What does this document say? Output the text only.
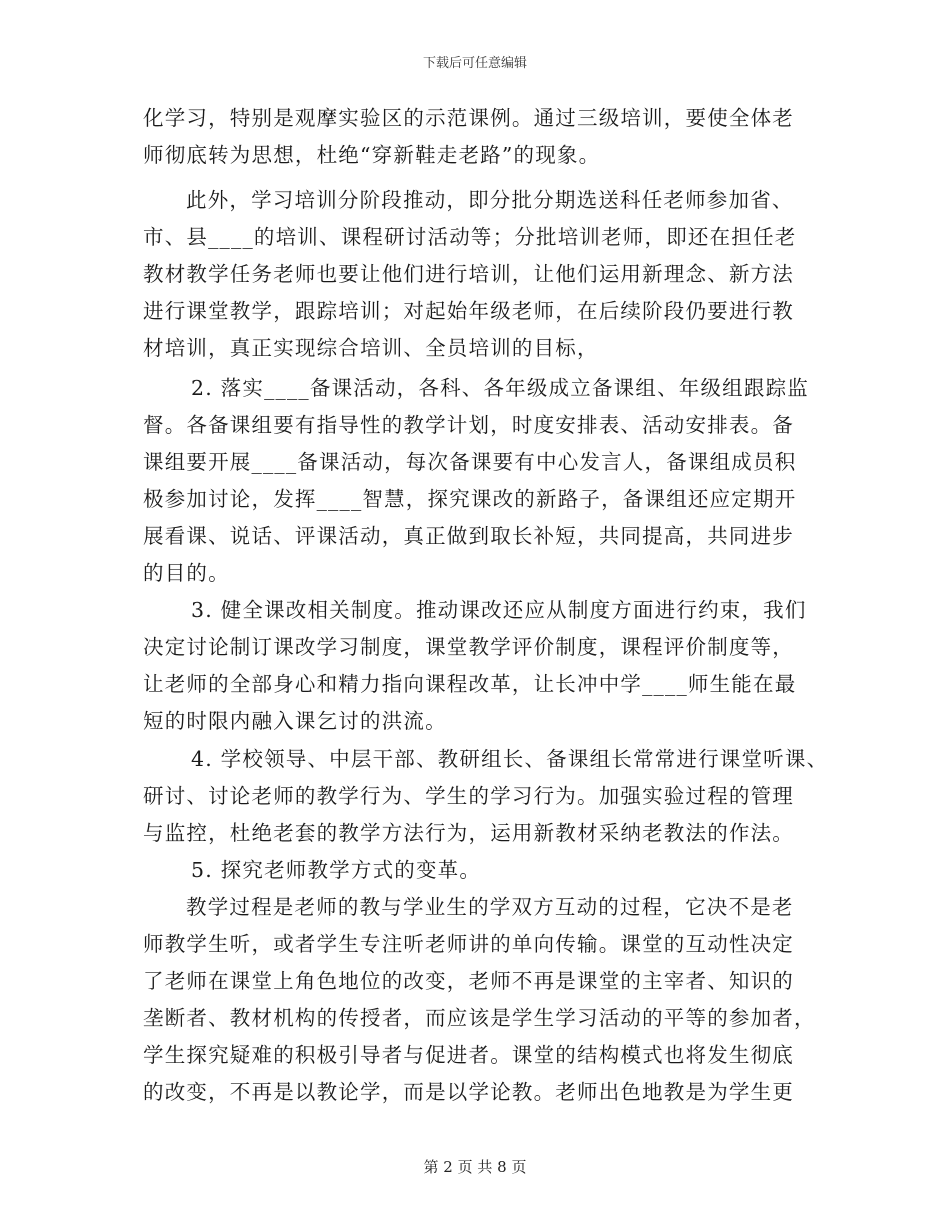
下载后可任意编辑
化学习，特别是观摩实验区的示范课例。通过三级培训，要使全体老
师彻底转为思想，杜绝“穿新鞋走老路”的现象。
此外，学习培训分阶段推动，即分批分期选送科任老师参加省、
市、县____的培训、课程研讨活动等；分批培训老师，即还在担任老
教材教学任务老师也要让他们进行培训，让他们运用新理念、新方法
进行课堂教学，跟踪培训；对起始年级老师，在后续阶段仍要进行教
材培训，真正实现综合培训、全员培训的目标，
2. 落实____备课活动，各科、各年级成立备课组、年级组跟踪监
督。各备课组要有指导性的教学计划，时度安排表、活动安排表。备
课组要开展____备课活动，每次备课要有中心发言人，备课组成员积
极参加讨论，发挥____智慧，探究课改的新路子，备课组还应定期开
展看课、说话、评课活动，真正做到取长补短，共同提高，共同进步
的目的。
3. 健全课改相关制度。推动课改还应从制度方面进行约束，我们
决定讨论制订课改学习制度，课堂教学评价制度，课程评价制度等，
让老师的全部身心和精力指向课程改革，让长冲中学____师生能在最
短的时限内融入课乞讨的洪流。
4. 学校领导、中层干部、教研组长、备课组长常常进行课堂听课、
研讨、讨论老师的教学行为、学生的学习行为。加强实验过程的管理
与监控，杜绝老套的教学方法行为，运用新教材采纳老教法的作法。
5. 探究老师教学方式的变革。
教学过程是老师的教与学业生的学双方互动的过程，它决不是老
师教学生听，或者学生专注听老师讲的单向传输。课堂的互动性决定
了老师在课堂上角色地位的改变，老师不再是课堂的主宰者、知识的
垄断者、教材机构的传授者，而应该是学生学习活动的平等的参加者，
学生探究疑难的积极引导者与促进者。课堂的结构模式也将发生彻底
的改变，不再是以教论学，而是以学论教。老师出色地教是为学生更
第 2 页 共 8 页
